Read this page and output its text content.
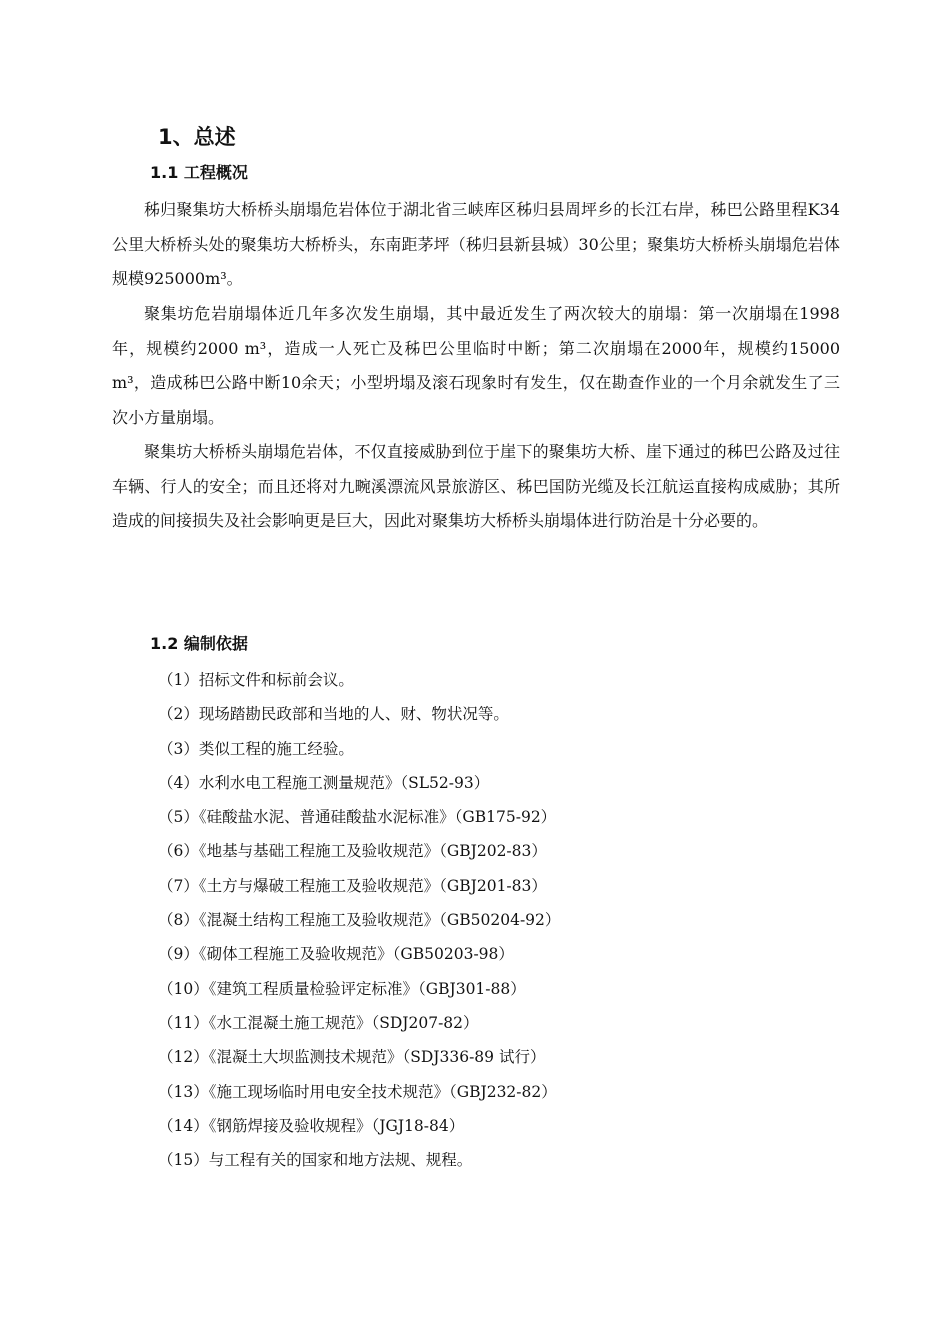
1、总述
1.1 工程概况

秭归聚集坊大桥桥头崩塌危岩体位于湖北省三峡库区秭归县周坪乡的长江右岸，秭巴公路里程K34公里大桥桥头处的聚集坊大桥桥头，东南距茅坪（秭归县新县城）30公里；聚集坊大桥桥头崩塌危岩体规模925000m³。

聚集坊危岩崩塌体近几年多次发生崩塌，其中最近发生了两次较大的崩塌：第一次崩塌在1998年，规模约2000 m³，造成一人死亡及秭巴公里临时中断；第二次崩塌在2000年，规模约15000 m³，造成秭巴公路中断10余天；小型坍塌及滚石现象时有发生，仅在勘查作业的一个月余就发生了三次小方量崩塌。

聚集坊大桥桥头崩塌危岩体，不仅直接威胁到位于崖下的聚集坊大桥、崖下通过的秭巴公路及过往车辆、行人的安全；而且还将对九畹溪漂流风景旅游区、秭巴国防光缆及长江航运直接构成威胁；其所造成的间接损失及社会影响更是巨大，因此对聚集坊大桥桥头崩塌体进行防治是十分必要的。

1.2 编制依据
（1）招标文件和标前会议。
（2）现场踏勘民政部和当地的人、财、物状况等。
（3）类似工程的施工经验。
（4）水利水电工程施工测量规范》（SL52-93）
（5）《硅酸盐水泥、普通硅酸盐水泥标准》（GB175-92）
（6）《地基与基础工程施工及验收规范》（GBJ202-83）
（7）《土方与爆破工程施工及验收规范》（GBJ201-83）
（8）《混凝土结构工程施工及验收规范》（GB50204-92）
（9）《砌体工程施工及验收规范》（GB50203-98）
（10）《建筑工程质量检验评定标准》（GBJ301-88）
（11）《水工混凝土施工规范》（SDJ207-82）
（12）《混凝土大坝监测技术规范》（SDJ336-89 试行）
（13）《施工现场临时用电安全技术规范》（GBJ232-82）
（14）《钢筋焊接及验收规程》（JGJ18-84）
（15）与工程有关的国家和地方法规、规程。
